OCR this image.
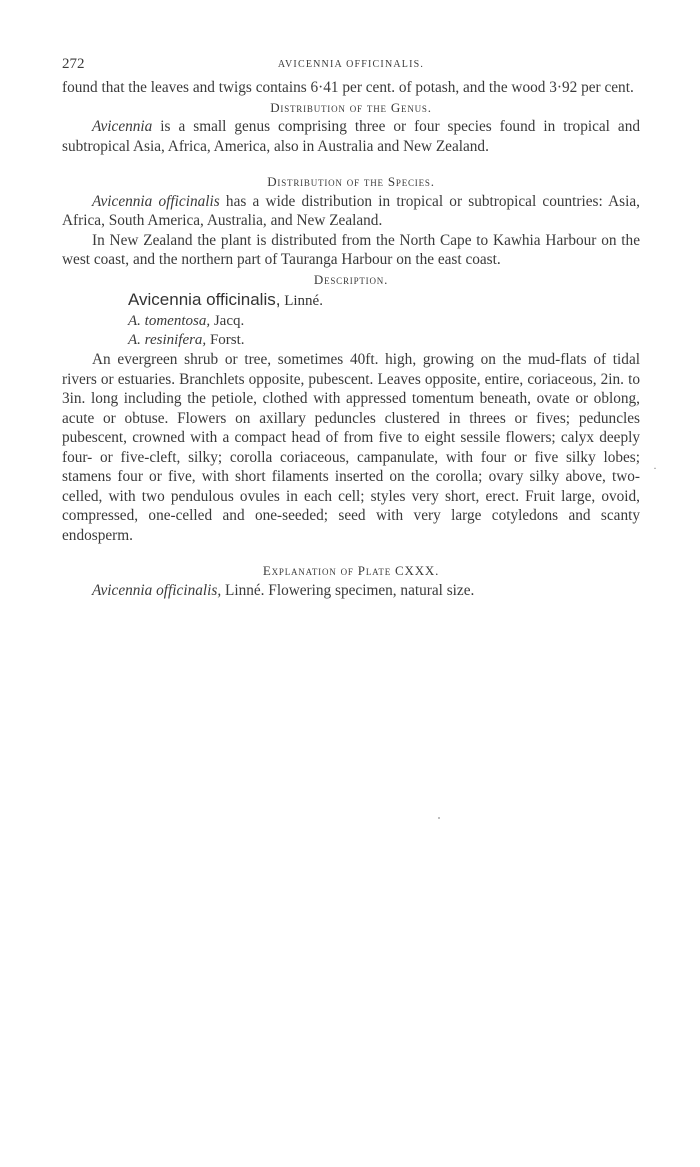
272	AVICENNIA OFFICINALIS.

found that the leaves and twigs contains 6·41 per cent. of potash, and the wood 3·92 per cent.

Distribution of the Genus.

Avicennia is a small genus comprising three or four species found in tropical and subtropical Asia, Africa, America, also in Australia and New Zealand.

Distribution of the Species.

Avicennia officinalis has a wide distribution in tropical or subtropical countries: Asia, Africa, South America, Australia, and New Zealand.

In New Zealand the plant is distributed from the North Cape to Kawhia Harbour on the west coast, and the northern part of Tauranga Harbour on the east coast.

Description.
Avicennia officinalis, Linné.
A. tomentosa, Jacq.
A. resinifera, Forst.

An evergreen shrub or tree, sometimes 40ft. high, growing on the mud-flats of tidal rivers or estuaries. Branchlets opposite, pubescent. Leaves opposite, entire, coriaceous, 2in. to 3in. long including the petiole, clothed with appressed tomentum beneath, ovate or oblong, acute or obtuse. Flowers on axillary peduncles clustered in threes or fives; peduncles pubescent, crowned with a compact head of from five to eight sessile flowers; calyx deeply four- or five-cleft, silky; corolla coriaceous, campanulate, with four or five silky lobes; stamens four or five, with short filaments inserted on the corolla; ovary silky above, two-celled, with two pendulous ovules in each cell; styles very short, erect. Fruit large, ovoid, compressed, one-celled and one-seeded; seed with very large cotyledons and scanty endosperm.

Explanation of Plate CXXX.

Avicennia officinalis, Linné. Flowering specimen, natural size.

·
